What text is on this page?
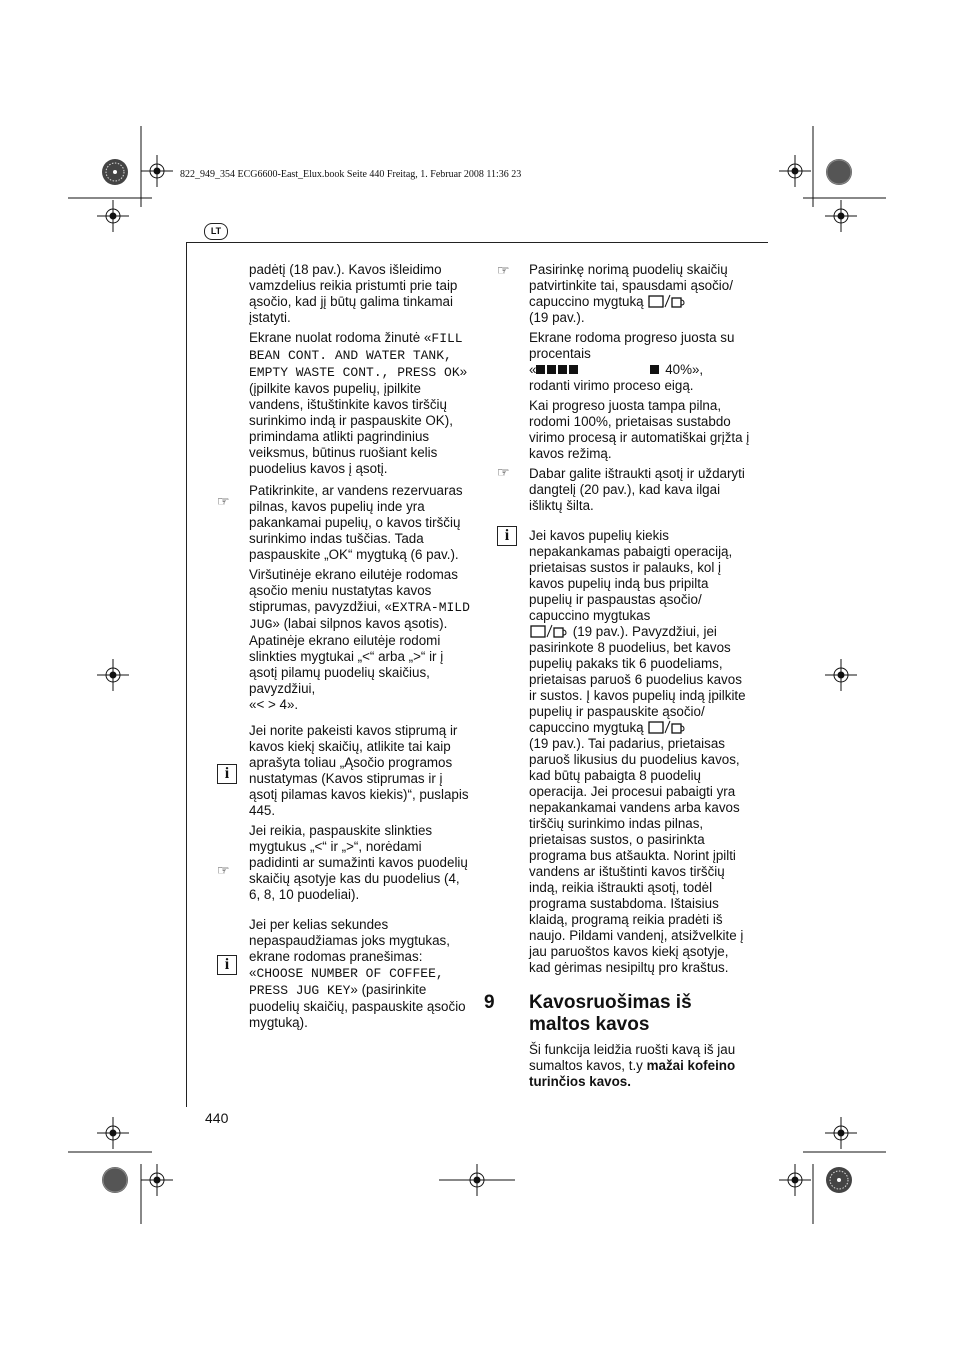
822_949_354 ECG6600-East_Elux.book Seite 440 Freitag, 1. Februar 2008 11:36 23
LT

padėtį (18 pav.). Kavos išleidimo vamzdelius reikia pristumti prie taip ąsočio, kad jį būtų galima tinkamai įstatyti.

Ekrane nuolat rodoma žinutė «FILL BEAN CONT. AND WATER TANK, EMPTY WASTE CONT., PRESS OK» (įpilkite kavos pupelių, įpilkite vandens, ištuštinkite kavos tirščių surinkimo indą ir paspauskite OK), primindama atlikti pagrindinius veiksmus, būtinus ruošiant kelis puodelius kavos į ąsotį.

Patikrinkite, ar vandens rezervuaras pilnas, kavos pupelių inde yra pakankamai pupelių, o kavos tirščių surinkimo indas tuščias. Tada paspauskite „OK“ mygtuką (6 pav.).

Viršutinėje ekrano eilutėje rodomas ąsočio meniu nustatytas kavos stiprumas, pavyzdžiui, «EXTRA-MILD JUG» (labai silpnos kavos ąsotis). Apatinėje ekrano eilutėje rodomi slinkties mygtukai „<“ arba „>“ ir į ąsotį pilamų puodelių skaičius, pavyzdžiui,
«< > 4».

Jei norite pakeisti kavos stiprumą ir kavos kiekį skaičių, atlikite tai kaip aprašyta toliau „Ąsočio programos nustatymas (Kavos stiprumas ir į ąsotį pilamas kavos kiekis)“, puslapis 445.

Jei reikia, paspauskite slinkties mygtukus „<“ ir „>“, norėdami padidinti ar sumažinti kavos puodelių skaičių ąsotyje kas du puodelius (4, 6, 8, 10 puodeliai).

Jei per kelias sekundes nepaspaudžiamas joks mygtukas, ekrane rodomas pranešimas: «CHOOSE NUMBER OF COFFEE, PRESS JUG KEY» (pasirinkite puodelių skaičių, paspauskite ąsočio mygtuką).

☞
i
☞
i

Pasirinkę norimą puodelių skaičių patvirtinkite tai, spausdami ąsočio/ capuccino mygtuką
(19 pav.).

Ekrane rodoma progreso juosta su procentais
«	40%»,
rodanti virimo proceso eigą.

Kai progreso juosta tampa pilna, rodomi 100%, prietaisas sustabdo virimo procesą ir automatiškai grįžta į kavos režimą.

Dabar galite ištraukti ąsotį ir uždaryti dangtelį (20 pav.), kad kava ilgai išliktų šilta.

Jei kavos pupelių kiekis nepakankamas pabaigti operaciją, prietaisas sustos ir palauks, kol į kavos pupelių indą bus pripilta pupelių ir paspaustas ąsočio/ capuccino mygtukas
(19 pav.). Pavyzdžiui, jei pasirinkote 8 puodelius, bet kavos pupelių pakaks tik 6 puodeliams, prietaisas paruoš 6 puodelius kavos ir sustos. Į kavos pupelių indą įpilkite pupelių ir paspauskite ąsočio/ capuccino mygtuką
(19 pav.). Tai padarius, prietaisas paruoš likusius du puodelius kavos, kad būtų pabaigta 8 puodelių operacija. Jei procesui pabaigti yra nepakankamai vandens arba kavos tirščių surinkimo indas pilnas, prietaisas sustos, o pasirinkta programa bus atšaukta. Norint įpilti vandens ar ištuštinti kavos tirščių indą, reikia ištraukti ąsotį, todėl programa sustabdoma. Ištaisius klaidą, programą reikia pradėti iš naujo. Pildami vandenį, atsižvelkite į jau paruoštos kavos kiekį ąsotyje, kad gėrimas nesipiltų pro kraštus.

☞
☞
i
9 Kavosruošimas iš maltos kavos

Ši funkcija leidžia ruošti kavą iš jau sumaltos kavos, t.y mažai kofeino turinčios kavos.

440
